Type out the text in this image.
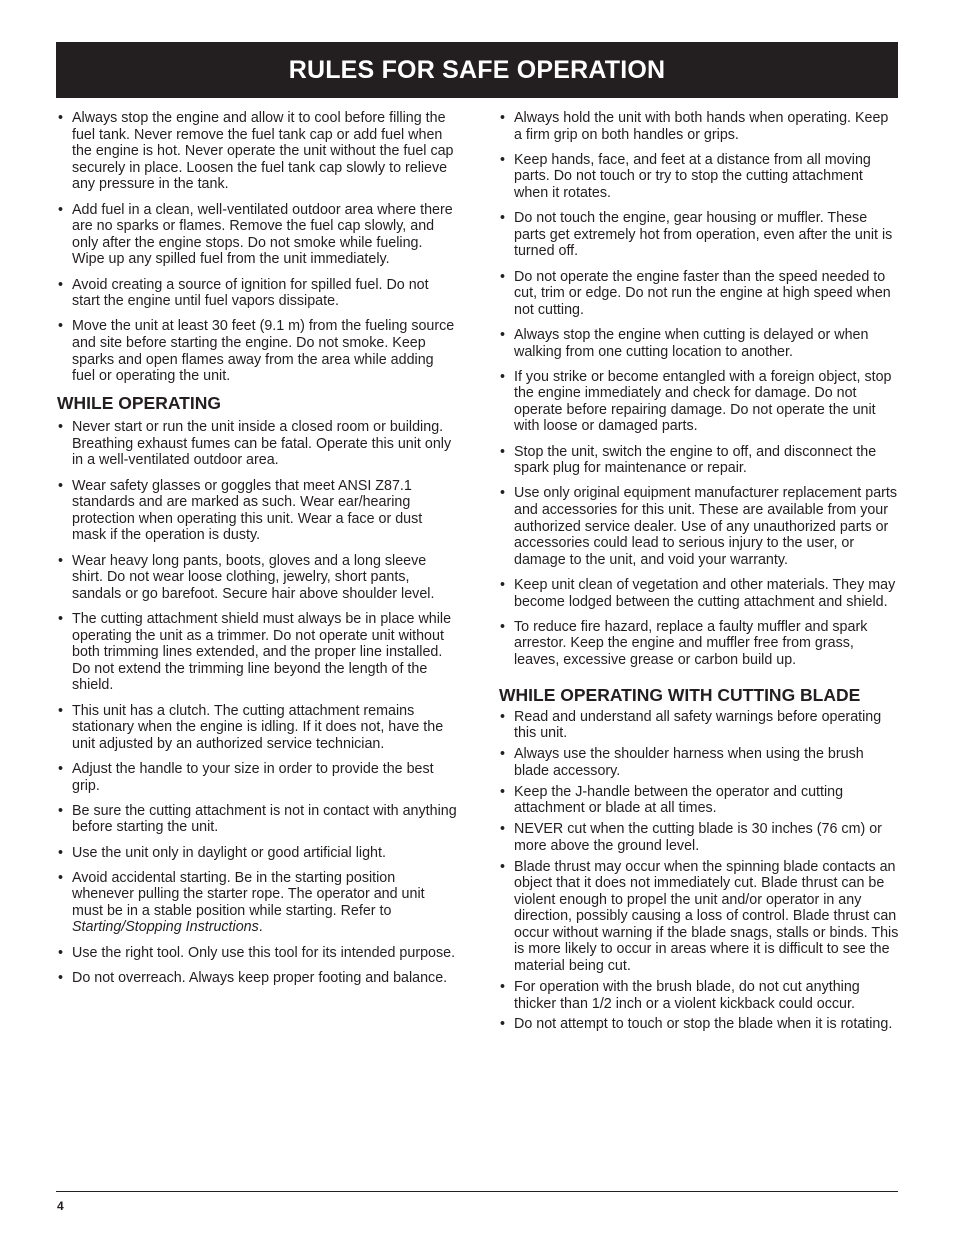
RULES FOR SAFE OPERATION
• Always stop the engine and allow it to cool before filling the fuel tank. Never remove the fuel tank cap or add fuel when the engine is hot. Never operate the unit without the fuel cap securely in place. Loosen the fuel tank cap slowly to relieve any pressure in the tank.
• Add fuel in a clean, well-ventilated outdoor area where there are no sparks or flames. Remove the fuel cap slowly, and only after the engine stops. Do not smoke while fueling. Wipe up any spilled fuel from the unit immediately.
• Avoid creating a source of ignition for spilled fuel. Do not start the engine until fuel vapors dissipate.
• Move the unit at least 30 feet (9.1 m) from the fueling source and site before starting the engine. Do not smoke. Keep sparks and open flames away from the area while adding fuel or operating the unit.
WHILE OPERATING
• Never start or run the unit inside a closed room or building. Breathing exhaust fumes can be fatal. Operate this unit only in a well-ventilated outdoor area.
• Wear safety glasses or goggles that meet ANSI Z87.1 standards and are marked as such. Wear ear/hearing protection when operating this unit. Wear a face or dust mask if the operation is dusty.
• Wear heavy long pants, boots, gloves and a long sleeve shirt. Do not wear loose clothing, jewelry, short pants, sandals or go barefoot. Secure hair above shoulder level.
• The cutting attachment shield must always be in place while operating the unit as a trimmer. Do not operate unit without both trimming lines extended, and the proper line installed. Do not extend the trimming line beyond the length of the shield.
• This unit has a clutch. The cutting attachment remains stationary when the engine is idling. If it does not, have the unit adjusted by an authorized service technician.
• Adjust the handle to your size in order to provide the best grip.
• Be sure the cutting attachment is not in contact with anything before starting the unit.
• Use the unit only in daylight or good artificial light.
• Avoid accidental starting. Be in the starting position whenever pulling the starter rope. The operator and unit must be in a stable position while starting. Refer to Starting/Stopping Instructions.
• Use the right tool. Only use this tool for its intended purpose.
• Do not overreach. Always keep proper footing and balance.
• Always hold the unit with both hands when operating. Keep a firm grip on both handles or grips.
• Keep hands, face, and feet at a distance from all moving parts. Do not touch or try to stop the cutting attachment when it rotates.
• Do not touch the engine, gear housing or muffler. These parts get extremely hot from operation, even after the unit is turned off.
• Do not operate the engine faster than the speed needed to cut, trim or edge. Do not run the engine at high speed when not cutting.
• Always stop the engine when cutting is delayed or when walking from one cutting location to another.
• If you strike or become entangled with a foreign object, stop the engine immediately and check for damage. Do not operate before repairing damage. Do not operate the unit with loose or damaged parts.
• Stop the unit, switch the engine to off, and disconnect the spark plug for maintenance or repair.
• Use only original equipment manufacturer replacement parts and accessories for this unit. These are available from your authorized service dealer. Use of any unauthorized parts or accessories could lead to serious injury to the user, or damage to the unit, and void your warranty.
• Keep unit clean of vegetation and other materials. They may become lodged between the cutting attachment and shield.
• To reduce fire hazard, replace a faulty muffler and spark arrestor. Keep the engine and muffler free from grass, leaves, excessive grease or carbon build up.
WHILE OPERATING WITH CUTTING BLADE
• Read and understand all safety warnings before operating this unit.
• Always use the shoulder harness when using the brush blade accessory.
• Keep the J-handle between the operator and cutting attachment or blade at all times.
• NEVER cut when the cutting blade is 30 inches (76 cm) or more above the ground level.
• Blade thrust may occur when the spinning blade contacts an object that it does not immediately cut. Blade thrust can be violent enough to propel the unit and/or operator in any direction, possibly causing a loss of control. Blade thrust can occur without warning if the blade snags, stalls or binds. This is more likely to occur in areas where it is difficult to see the material being cut.
• For operation with the brush blade, do not cut anything thicker than 1/2 inch or a violent kickback could occur.
• Do not attempt to touch or stop the blade when it is rotating.
4
